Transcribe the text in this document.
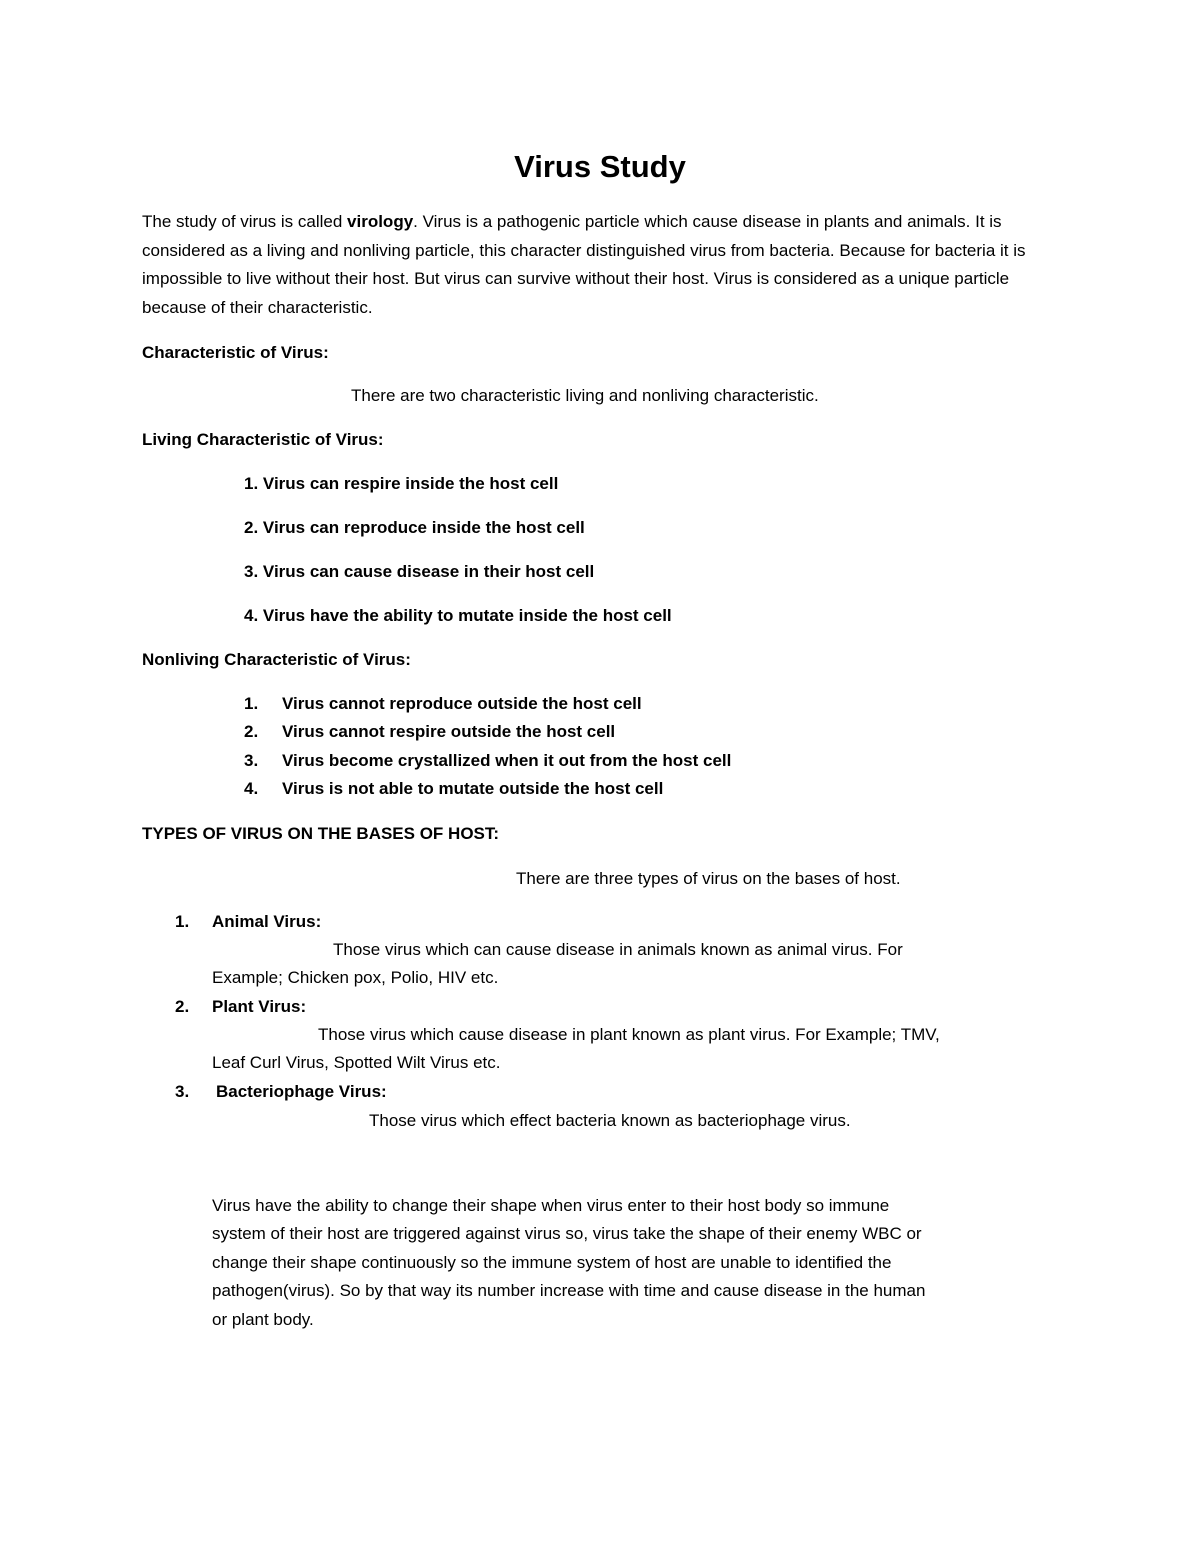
Virus Study

The study of virus is called virology. Virus is a pathogenic particle which cause disease in plants and animals. It is considered as a living and nonliving particle, this character distinguished virus from bacteria. Because for bacteria it is impossible to live without their host. But virus can survive without their host. Virus is considered as a unique particle because of their characteristic.

Characteristic of Virus:
There are two characteristic living and nonliving characteristic.
Living Characteristic of Virus:
1. Virus can respire inside the host cell
2. Virus can reproduce inside the host cell
3. Virus can cause disease in their host cell
4. Virus have the ability to mutate inside the host cell
Nonliving Characteristic of Virus:
1. Virus cannot reproduce outside the host cell
2. Virus cannot respire outside the host cell
3. Virus become crystallized when it out from the host cell
4. Virus is not able to mutate outside the host cell
TYPES OF VIRUS ON THE BASES OF HOST:
There are three types of virus on the bases of host.
1. Animal Virus:
Those virus which can cause disease in animals known as animal virus. For
Example; Chicken pox, Polio, HIV etc.
2. Plant Virus:
Those virus which cause disease in plant known as plant virus. For Example; TMV,
Leaf Curl Virus, Spotted Wilt Virus etc.
3. Bacteriophage Virus:
Those virus which effect bacteria known as bacteriophage virus.
Virus have the ability to change their shape when virus enter to their host body so immune
system of their host are triggered against virus so, virus take the shape of their enemy WBC or
change their shape continuously so the immune system of host are unable to identified the
pathogen(virus). So by that way its number increase with time and cause disease in the human
or plant body.
